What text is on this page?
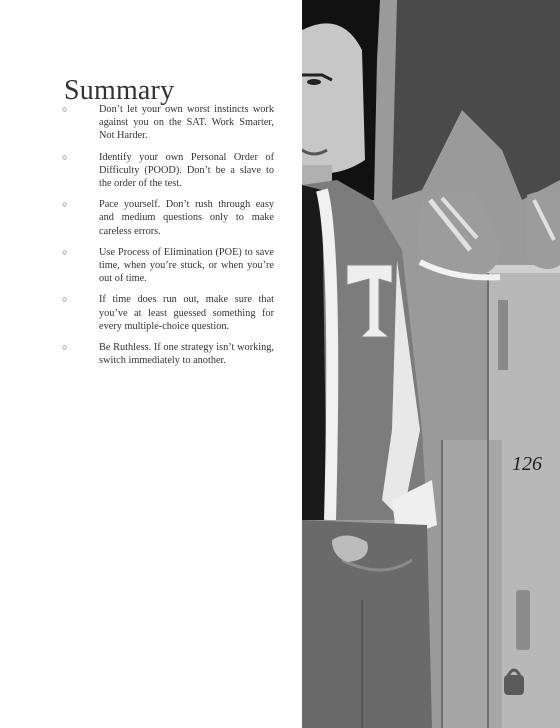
Summary
○	Don’t let your own worst instincts work against you on the SAT. Work Smarter, Not Harder.
○	Identify your own Personal Order of Difficulty (POOD). Don’t be a slave to the order of the test.
○	Pace yourself. Don’t rush through easy and medium questions only to make careless errors.
○	Use Process of Elimination (POE) to save time, when you’re stuck, or when you’re out of time.
○	If time does run out, make sure that you’ve at least guessed something for every multiple-choice question.
○	Be Ruthless. If one strategy isn’t working, switch immediately to another.
126
T
